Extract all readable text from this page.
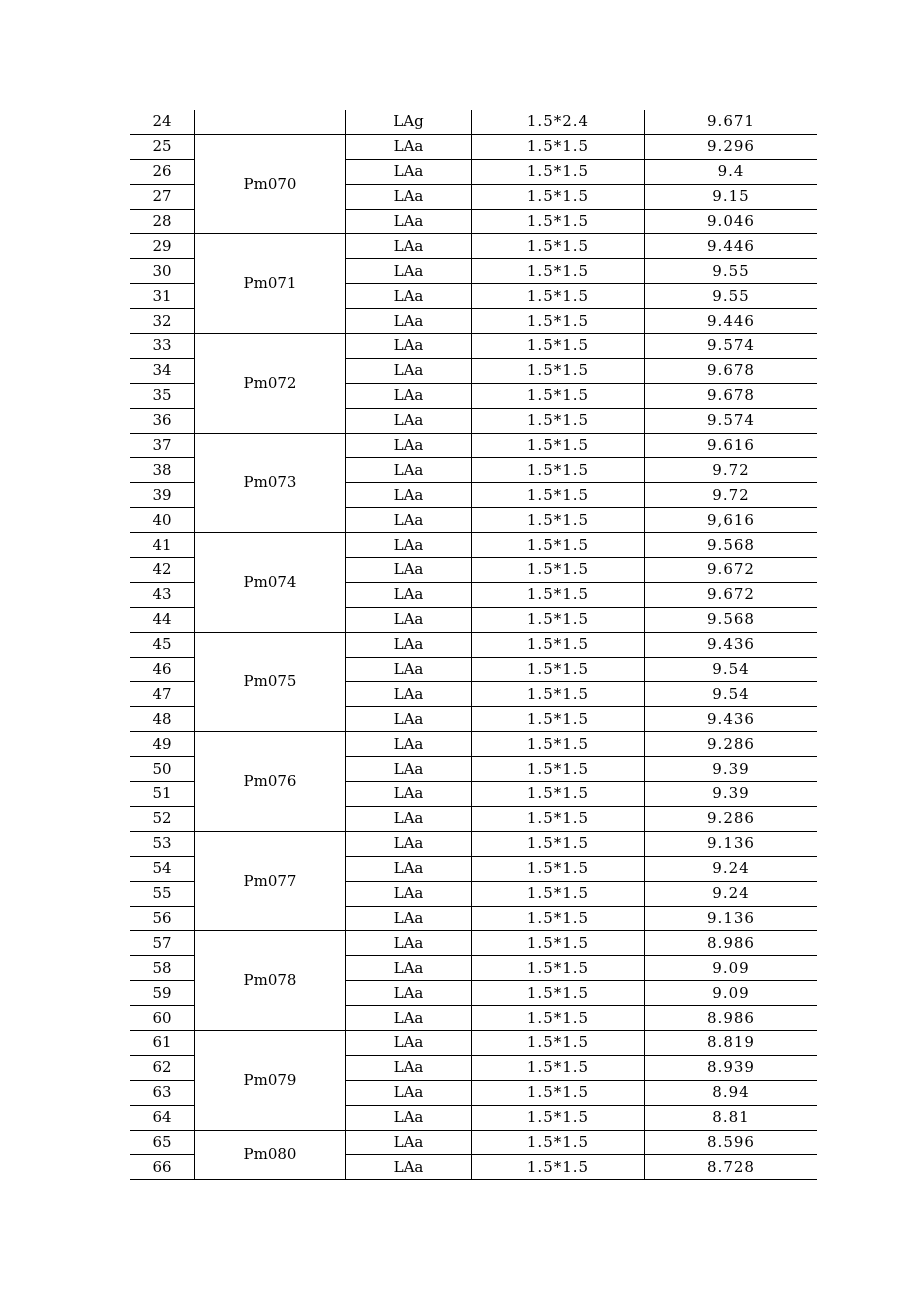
24		LAg	1.5*2.4	9.671
25	Pm070	LAa	1.5*1.5	9.296
26		LAa	1.5*1.5	9.4
27		LAa	1.5*1.5	9.15
28		LAa	1.5*1.5	9.046
29	Pm071	LAa	1.5*1.5	9.446
30		LAa	1.5*1.5	9.55
31		LAa	1.5*1.5	9.55
32		LAa	1.5*1.5	9.446
33	Pm072	LAa	1.5*1.5	9.574
34		LAa	1.5*1.5	9.678
35		LAa	1.5*1.5	9.678
36		LAa	1.5*1.5	9.574
37	Pm073	LAa	1.5*1.5	9.616
38		LAa	1.5*1.5	9.72
39		LAa	1.5*1.5	9.72
40		LAa	1.5*1.5	9,616
41	Pm074	LAa	1.5*1.5	9.568
42		LAa	1.5*1.5	9.672
43		LAa	1.5*1.5	9.672
44		LAa	1.5*1.5	9.568
45	Pm075	LAa	1.5*1.5	9.436
46		LAa	1.5*1.5	9.54
47		LAa	1.5*1.5	9.54
48		LAa	1.5*1.5	9.436
49	Pm076	LAa	1.5*1.5	9.286
50		LAa	1.5*1.5	9.39
51		LAa	1.5*1.5	9.39
52		LAa	1.5*1.5	9.286
53	Pm077	LAa	1.5*1.5	9.136
54		LAa	1.5*1.5	9.24
55		LAa	1.5*1.5	9.24
56		LAa	1.5*1.5	9.136
57	Pm078	LAa	1.5*1.5	8.986
58		LAa	1.5*1.5	9.09
59		LAa	1.5*1.5	9.09
60		LAa	1.5*1.5	8.986
61	Pm079	LAa	1.5*1.5	8.819
62		LAa	1.5*1.5	8.939
63		LAa	1.5*1.5	8.94
64		LAa	1.5*1.5	8.81
65	Pm080	LAa	1.5*1.5	8.596
66		LAa	1.5*1.5	8.728
